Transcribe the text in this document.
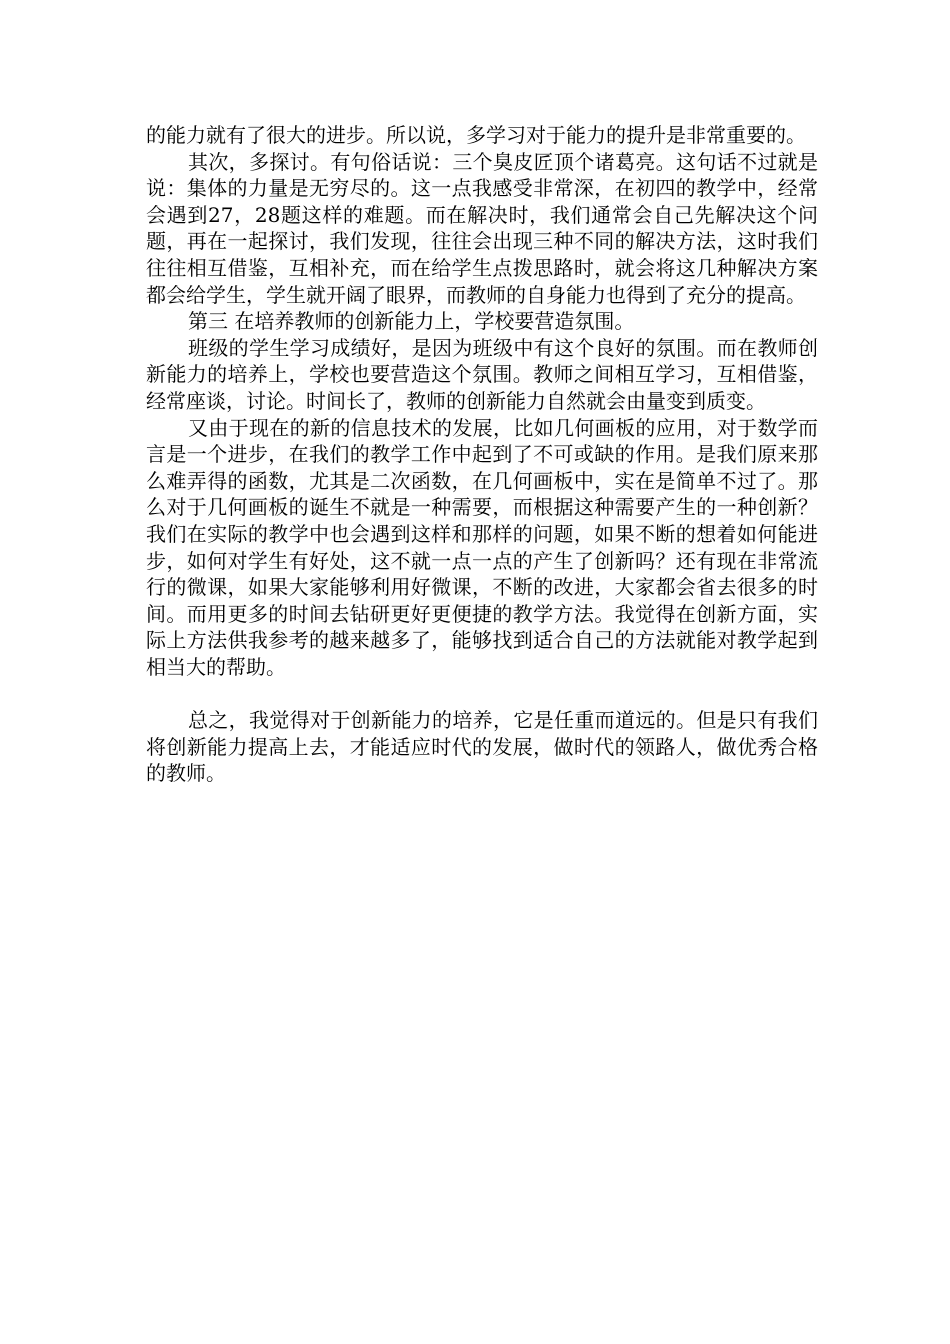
的能力就有了很大的进步。所以说，多学习对于能力的提升是非常重要的。

其次，多探讨。有句俗话说：三个臭皮匠顶个诸葛亮。这句话不过就是说：集体的力量是无穷尽的。这一点我感受非常深，在初四的教学中，经常会遇到27，28题这样的难题。而在解决时，我们通常会自己先解决这个问题，再在一起探讨，我们发现，往往会出现三种不同的解决方法，这时我们往往相互借鉴，互相补充，而在给学生点拨思路时，就会将这几种解决方案都会给学生，学生就开阔了眼界，而教师的自身能力也得到了充分的提高。

第三 在培养教师的创新能力上，学校要营造氛围。

班级的学生学习成绩好，是因为班级中有这个良好的氛围。而在教师创新能力的培养上，学校也要营造这个氛围。教师之间相互学习，互相借鉴，经常座谈，讨论。时间长了，教师的创新能力自然就会由量变到质变。

又由于现在的新的信息技术的发展，比如几何画板的应用，对于数学而言是一个进步，在我们的教学工作中起到了不可或缺的作用。是我们原来那么难弄得的函数，尤其是二次函数，在几何画板中，实在是简单不过了。那么对于几何画板的诞生不就是一种需要，而根据这种需要产生的一种创新？我们在实际的教学中也会遇到这样和那样的问题，如果不断的想着如何能进步，如何对学生有好处，这不就一点一点的产生了创新吗？还有现在非常流行的微课，如果大家能够利用好微课，不断的改进，大家都会省去很多的时间。而用更多的时间去钻研更好更便捷的教学方法。我觉得在创新方面，实际上方法供我参考的越来越多了，能够找到适合自己的方法就能对教学起到相当大的帮助。

总之，我觉得对于创新能力的培养，它是任重而道远的。但是只有我们将创新能力提高上去，才能适应时代的发展，做时代的领路人，做优秀合格的教师。
